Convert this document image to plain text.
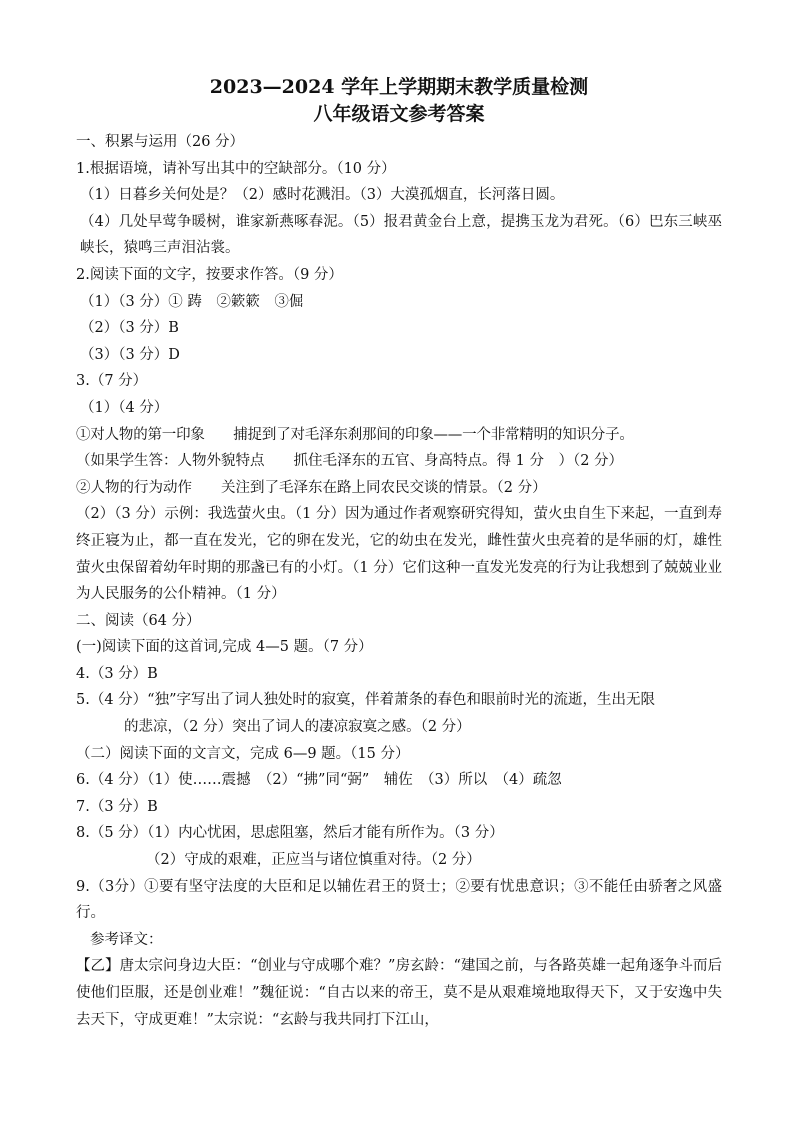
2023—2024 学年上学期期末教学质量检测

八年级语文参考答案

一、积累与运用（26 分）

1.根据语境，请补写出其中的空缺部分。（10 分）

（1）日暮乡关何处是？（2）感时花溅泪。（3）大漠孤烟直，长河落日圆。

（4）几处早莺争暖树，谁家新燕啄春泥。（5）报君黄金台上意，提携玉龙为君死。（6）巴东三峡巫峡长，猿鸣三声泪沾裳。

2.阅读下面的文字，按要求作答。（9 分）

（1）（3 分）① 踌　②簌簌　③倔

（2）（3 分）B

（3）（3 分）D

3.（7 分）

（1）（4 分）

①对人物的第一印象　　捕捉到了对毛泽东刹那间的印象——一个非常精明的知识分子。

（如果学生答：人物外貌特点　　抓住毛泽东的五官、身高特点。得 1 分　）（2 分）

②人物的行为动作　　关注到了毛泽东在路上同农民交谈的情景。（2 分）

（2）（3 分）示例：我选萤火虫。（1 分）因为通过作者观察研究得知，萤火虫自生下来起，一直到寿终正寝为止，都一直在发光，它的卵在发光，它的幼虫在发光，雌性萤火虫亮着的是华丽的灯，雄性萤火虫保留着幼年时期的那盏已有的小灯。（1 分）它们这种一直发光发亮的行为让我想到了兢兢业业为人民服务的公仆精神。（1 分）

二、阅读（64 分）

(一)阅读下面的这首词,完成 4—5 题。（7 分）

4.（3 分）B

5.（4 分）“独”字写出了词人独处时的寂寞，伴着萧条的春色和眼前时光的流逝，生出无限

的悲凉，（2 分）突出了词人的凄凉寂寞之感。（2 分）

（二）阅读下面的文言文，完成 6—9 题。（15 分）

6.（4 分）（1）使……震撼　（2）“拂”同“弼”　辅佐　（3）所以　（4）疏忽

7.（3 分）B

8.（5 分）（1）内心忧困，思虑阻塞，然后才能有所作为。（3 分）

（2）守成的艰难，正应当与诸位慎重对待。（2 分）

9.（3分）①要有坚守法度的大臣和足以辅佐君王的贤士；②要有忧患意识；③不能任由骄奢之风盛行。

参考译文：

【乙】唐太宗问身边大臣：“创业与守成哪个难？”房玄龄：“建国之前，与各路英雄一起角逐争斗而后使他们臣服，还是创业难！”魏征说：“自古以来的帝王，莫不是从艰难境地取得天下，又于安逸中失去天下，守成更难！”太宗说：“玄龄与我共同打下江山，
